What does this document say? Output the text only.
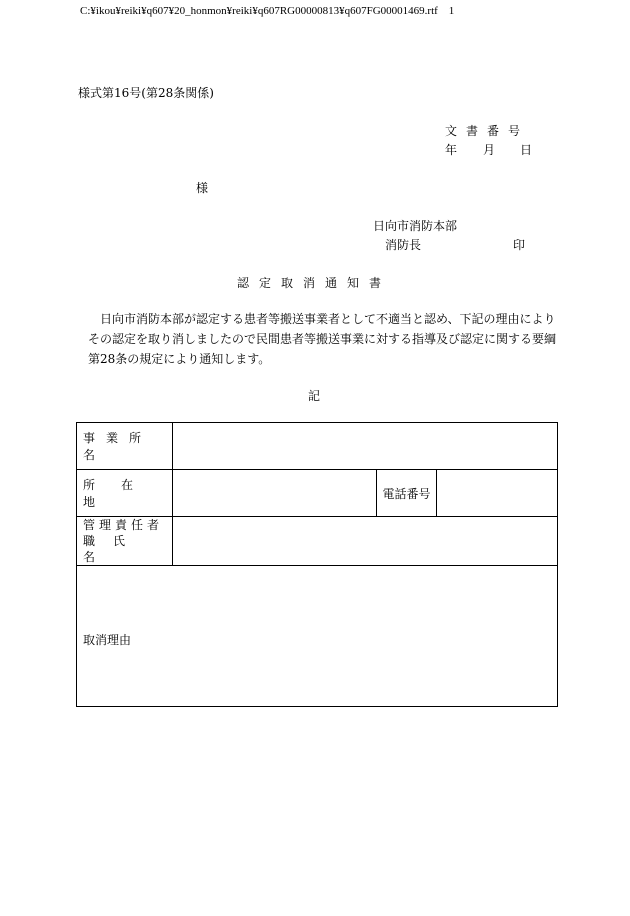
C:¥ikou¥reiki¥q607¥20_honmon¥reiki¥q607RG00000813¥q607FG00001469.rtf 1
様式第16号(第28条関係)
文書番号
年 月 日
様
日向市消防本部
消防長	印
認定取消通知書

日向市消防本部が認定する患者等搬送事業者として不適当と認め、下記の理由により

その認定を取り消しましたので民間患者等搬送事業に対する指導及び認定に関する要綱

第28条の規定により通知します。

記
事業所名			
所在地		電話番号	

管理責任者
職氏名			

取消理由			
